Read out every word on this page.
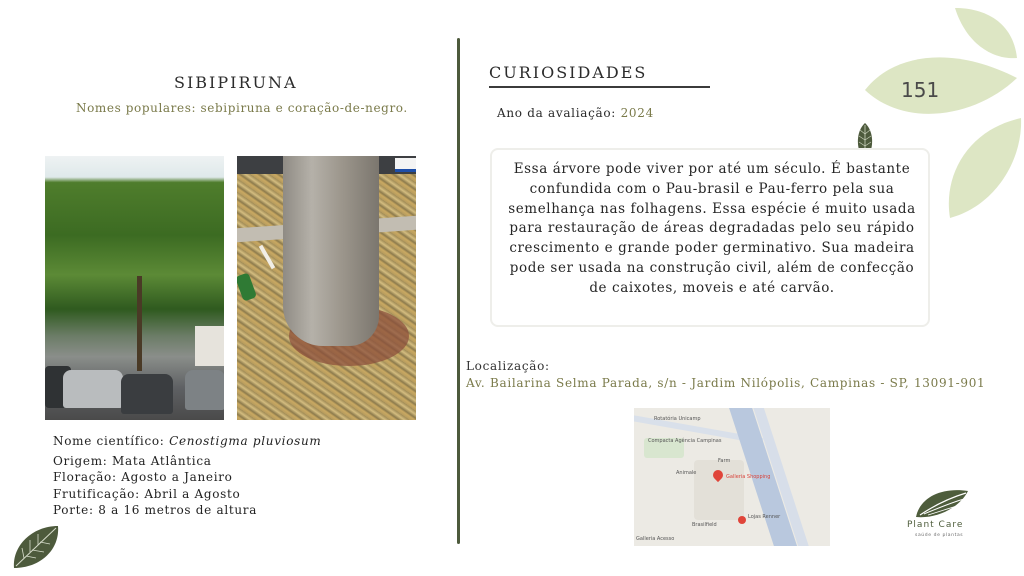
151
SIBIPIRUNA
Nomes populares: sebipiruna e coração-de-negro.
Nome científico: Cenostigma pluviosum
Origem: Mata Atlântica
Floração: Agosto a Janeiro
Frutificação: Abril a Agosto
Porte: 8 a 16 metros de altura
CURIOSIDADES
Ano da avaliação: 2024

Essa árvore pode viver por até um século. É bastante confundida com o Pau-brasil e Pau-ferro pela sua semelhança nas folhagens. Essa espécie é muito usada para restauração de áreas degradadas pelo seu rápido crescimento e grande poder germinativo. Sua madeira pode ser usada na construção civil, além de confecção de caixotes, moveis e até carvão.

Localização:
Av. Bailarina Selma Parada, s/n - Jardim Nilópolis, Campinas - SP, 13091-901
Rotatória Unicamp
Compacta Agência Campinas
Farm
Galleria Shopping
Animale
Brasilfield
Lojas Renner
Galleria Acesso
Plant Care
saúde de plantas
